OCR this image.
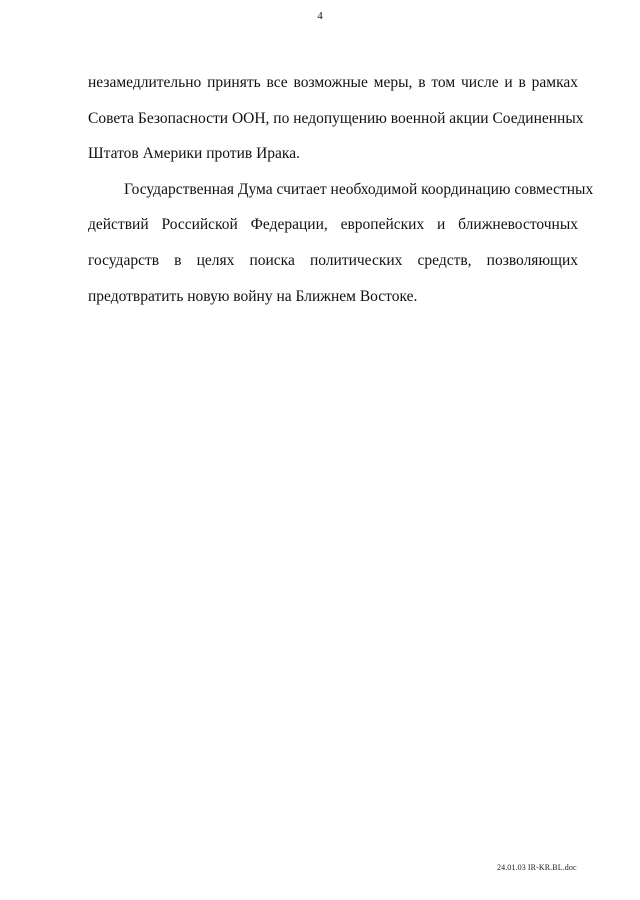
4

незамедлительно принять все возможные меры, в том числе и в рамках
Совета Безопасности ООН, по недопущению военной акции Соединенных
Штатов Америки против Ирака.

Государственная Дума считает необходимой координацию совместных
действий Российской Федерации, европейских и ближневосточных
государств в целях поиска политических средств, позволяющих
предотвратить новую войну на Ближнем Востоке.

24.01.03 IR-KR.BL.doc
